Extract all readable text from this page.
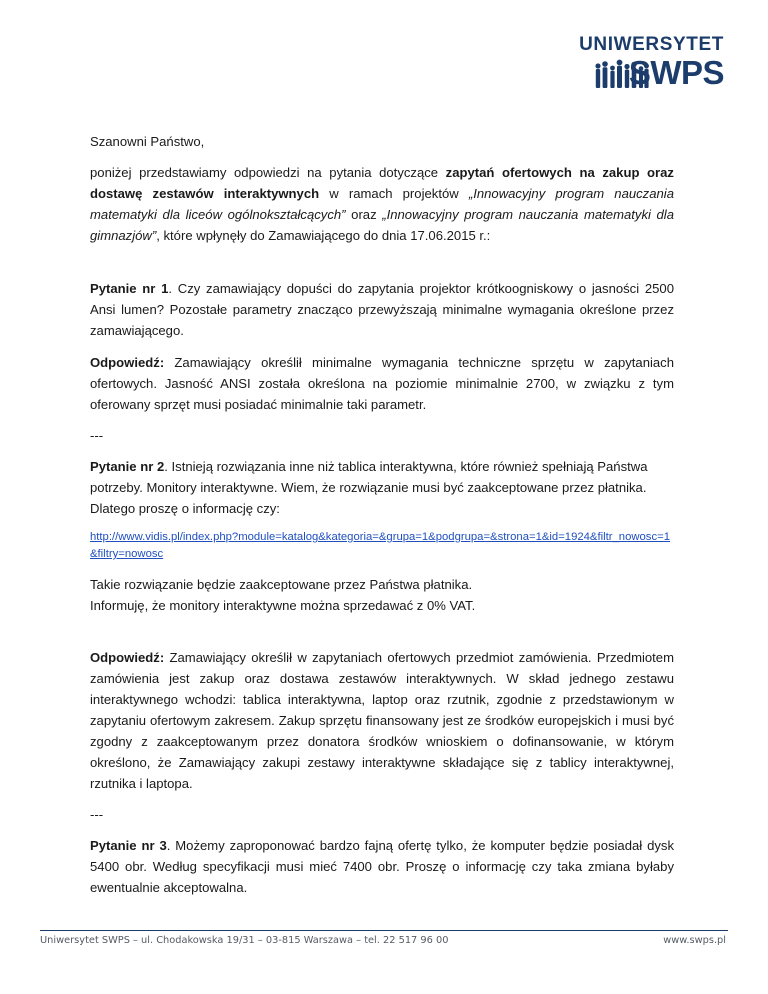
UNIWERSYTET
SWPS

Szanowni Państwo,

poniżej przedstawiamy odpowiedzi na pytania dotyczące zapytań ofertowych na zakup oraz dostawę zestawów interaktywnych w ramach projektów „Innowacyjny program nauczania matematyki dla liceów ogólnokształcących” oraz „Innowacyjny program nauczania matematyki dla gimnazjów”, które wpłynęły do Zamawiającego do dnia 17.06.2015 r.:

Pytanie nr 1. Czy zamawiający dopuści do zapytania projektor krótkoogniskowy o jasności 2500 Ansi lumen? Pozostałe parametry znacząco przewyższają minimalne wymagania określone przez zamawiającego.

Odpowiedź: Zamawiający określił minimalne wymagania techniczne sprzętu w zapytaniach ofertowych. Jasność ANSI została określona na poziomie minimalnie 2700, w związku z tym oferowany sprzęt musi posiadać minimalnie taki parametr.

---

Pytanie nr 2. Istnieją rozwiązania inne niż tablica interaktywna, które również spełniają Państwa
potrzeby. Monitory interaktywne. Wiem, że rozwiązanie musi być zaakceptowane przez płatnika.
Dlatego proszę o informację czy:

http://www.vidis.pl/index.php?module=katalog&kategoria=&grupa=1&podgrupa=&strona=1&id=1924&filtr_nowosc=1&filtry=nowosc

Takie rozwiązanie będzie zaakceptowane przez Państwa płatnika.
Informuję, że monitory interaktywne można sprzedawać z 0% VAT.

Odpowiedź: Zamawiający określił w zapytaniach ofertowych przedmiot zamówienia. Przedmiotem zamówienia jest zakup oraz dostawa zestawów interaktywnych. W skład jednego zestawu interaktywnego wchodzi: tablica interaktywna, laptop oraz rzutnik, zgodnie z przedstawionym w zapytaniu ofertowym zakresem. Zakup sprzętu finansowany jest ze środków europejskich i musi być zgodny z zaakceptowanym przez donatora środków wnioskiem o dofinansowanie, w którym określono, że Zamawiający zakupi zestawy interaktywne składające się z tablicy interaktywnej, rzutnika i laptopa.

---

Pytanie nr 3. Możemy zaproponować bardzo fajną ofertę tylko, że komputer będzie posiadał dysk 5400 obr. Według specyfikacji musi mieć 7400 obr. Proszę o informację czy taka zmiana byłaby ewentualnie akceptowalna.

Uniwersytet SWPS – ul. Chodakowska 19/31 – 03-815 Warszawa – tel. 22 517 96 00	www.swps.pl
